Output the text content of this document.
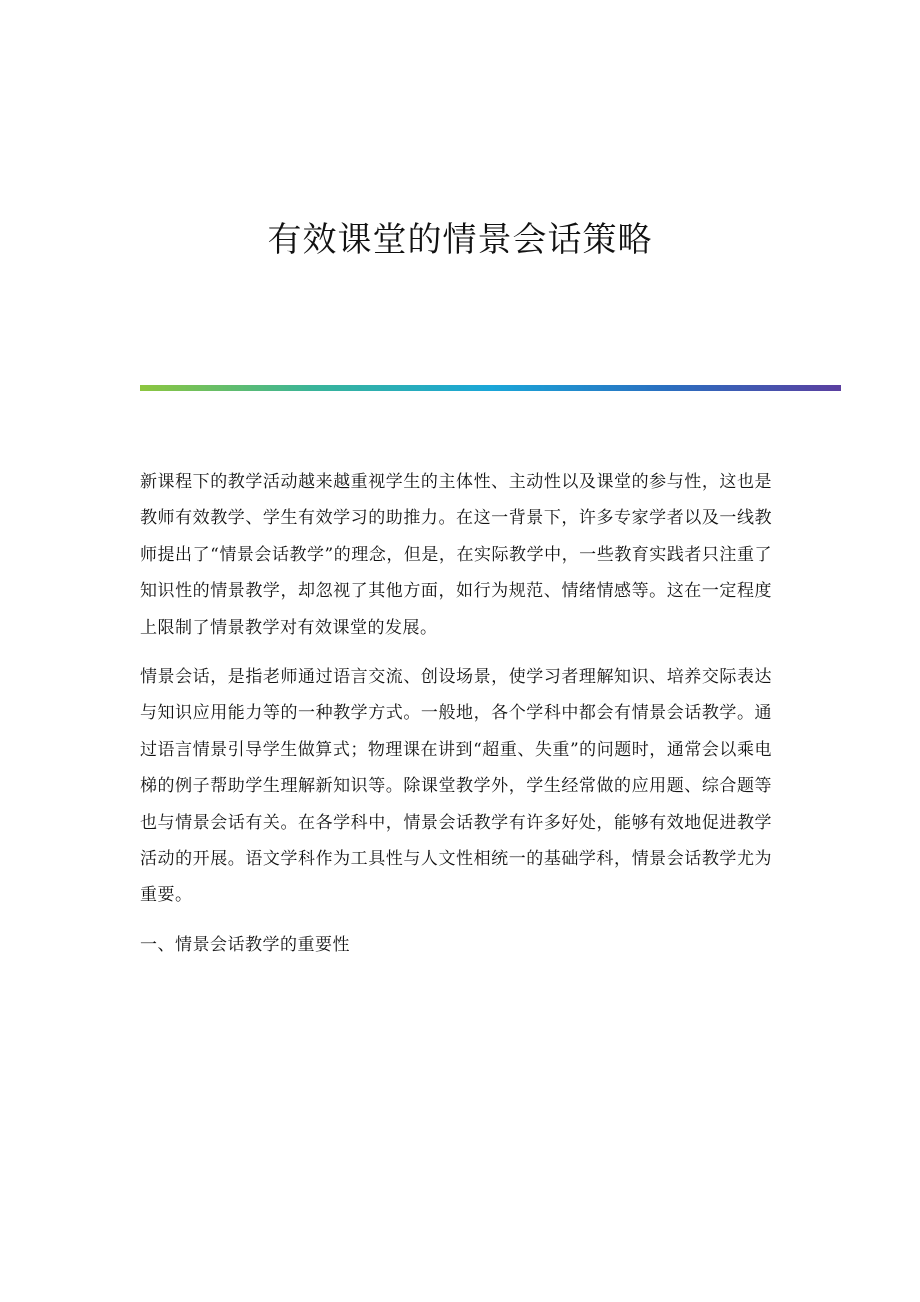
有效课堂的情景会话策略

新课程下的教学活动越来越重视学生的主体性、主动性以及课堂的参与性，这也是教师有效教学、学生有效学习的助推力。在这一背景下，许多专家学者以及一线教师提出了“情景会话教学”的理念，但是，在实际教学中，一些教育实践者只注重了知识性的情景教学，却忽视了其他方面，如行为规范、情绪情感等。这在一定程度上限制了情景教学对有效课堂的发展。

情景会话，是指老师通过语言交流、创设场景，使学习者理解知识、培养交际表达与知识应用能力等的一种教学方式。一般地，各个学科中都会有情景会话教学。通过语言情景引导学生做算式；物理课在讲到“超重、失重”的问题时，通常会以乘电梯的例子帮助学生理解新知识等。除课堂教学外，学生经常做的应用题、综合题等也与情景会话有关。在各学科中，情景会话教学有许多好处，能够有效地促进教学活动的开展。语文学科作为工具性与人文性相统一的基础学科，情景会话教学尤为重要。

一、情景会话教学的重要性
